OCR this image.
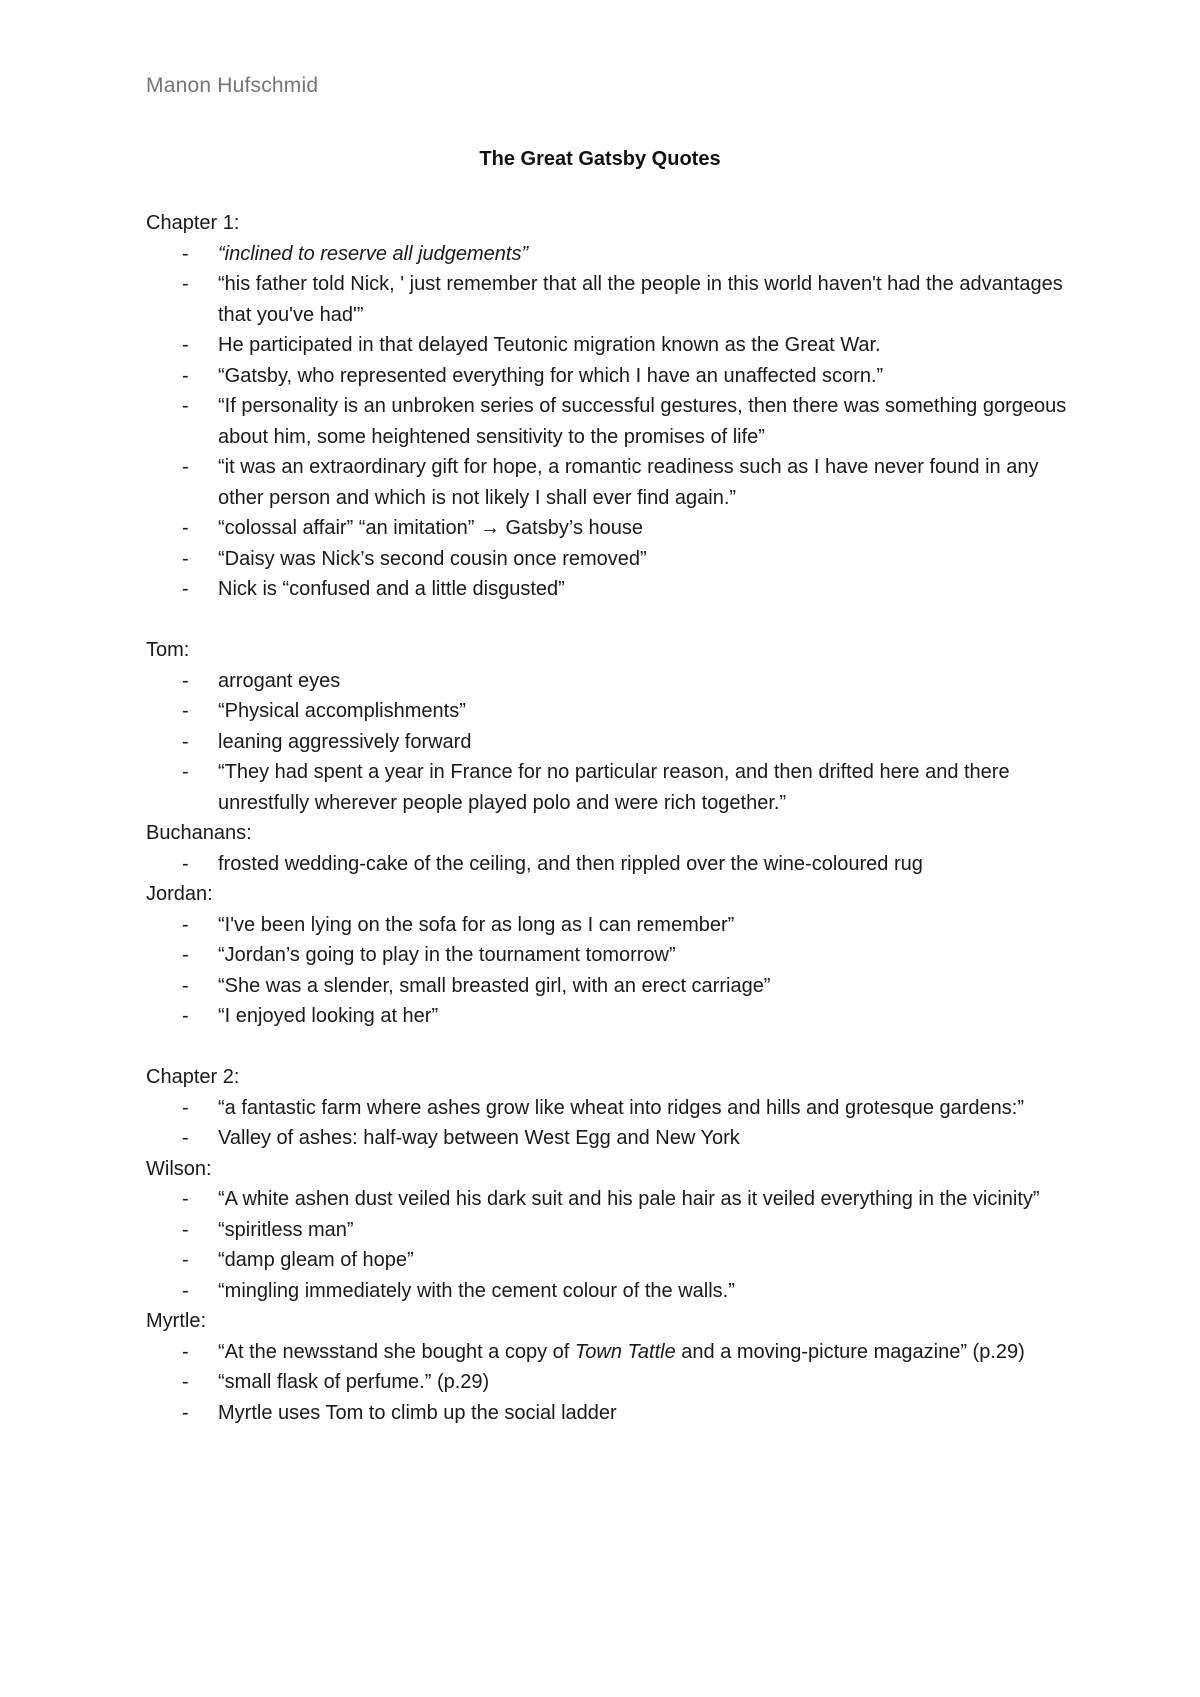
Manon Hufschmid
The Great Gatsby Quotes
Chapter 1:
- “inclined to reserve all judgements”
- “his father told Nick, ' just remember that all the people in this world haven't had the advantages that you've had'”
- He participated in that delayed Teutonic migration known as the Great War.
- “Gatsby, who represented everything for which I have an unaffected scorn.”
- “If personality is an unbroken series of successful gestures, then there was something gorgeous about him, some heightened sensitivity to the promises of life”
- “it was an extraordinary gift for hope, a romantic readiness such as I have never found in any other person and which is not likely I shall ever find again.”
- “colossal affair” “an imitation” → Gatsby’s house
- “Daisy was Nick’s second cousin once removed”
- Nick is “confused and a little disgusted”
Tom:
- arrogant eyes
- “Physical accomplishments”
- leaning aggressively forward
- “They had spent a year in France for no particular reason, and then drifted here and there unrestfully wherever people played polo and were rich together.”
Buchanans:
- frosted wedding-cake of the ceiling, and then rippled over the wine-coloured rug
Jordan:
- “I've been lying on the sofa for as long as I can remember”
- “Jordan’s going to play in the tournament tomorrow”
- “She was a slender, small breasted girl, with an erect carriage”
- “I enjoyed looking at her”
Chapter 2:
- “a fantastic farm where ashes grow like wheat into ridges and hills and grotesque gardens:”
- Valley of ashes: half-way between West Egg and New York
Wilson:
- “A white ashen dust veiled his dark suit and his pale hair as it veiled everything in the vicinity”
- “spiritless man”
- “damp gleam of hope”
- “mingling immediately with the cement colour of the walls.”
Myrtle:
- “At the newsstand she bought a copy of Town Tattle and a moving-picture magazine” (p.29)
- “small flask of perfume.” (p.29)
- Myrtle uses Tom to climb up the social ladder
